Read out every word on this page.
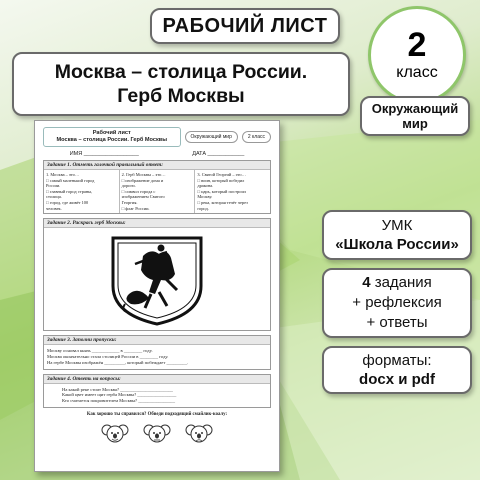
РАБОЧИЙ ЛИСТ
Москва – столица России.
Герб Москвы
2
класс
Окружающий
мир
УМК
«Школа России»
4 задания
+ рефлексия
+ ответы
форматы:
docx и pdf
Рабочий лист
Москва – столица России. Герб Москвы	Окружающий мир	2 класс
ИМЯ __________________	ДАТА ____________
Задание 1. Отметь галочкой правильный ответ:
1. Москва – это…
□ самый маленький город
России.
□ главный город страны,
столица.
□ город, где живёт 100
человек.
2. Герб Москвы – это…
□ изображение дома и
дороги.
□ символ города с
изображением Святого
Георгия.
□ флаг России.
3. Святой Георгий – это…
□ воин, который победил
дракона.
□ царь, который построил
Москву.
□ река, которая течёт через
город.
Задание 2. Раскрась герб Москвы:
Задание 3. Заполни пропуски:
Москву основал князь ____________ в ________ году.
Москва окончательно стала столицей России в ________ году.
На гербе Москвы изображён _________, который побеждает _________.
Задание 4. Ответь на вопросы:
На какой реке стоит Москва? _______________________
Какой цвет имеет щит герба Москвы? _________________
Кто считается покровителем Москвы? ________________
Как хорошо ты справился? Обведи подходящий смайлик-коалу:
